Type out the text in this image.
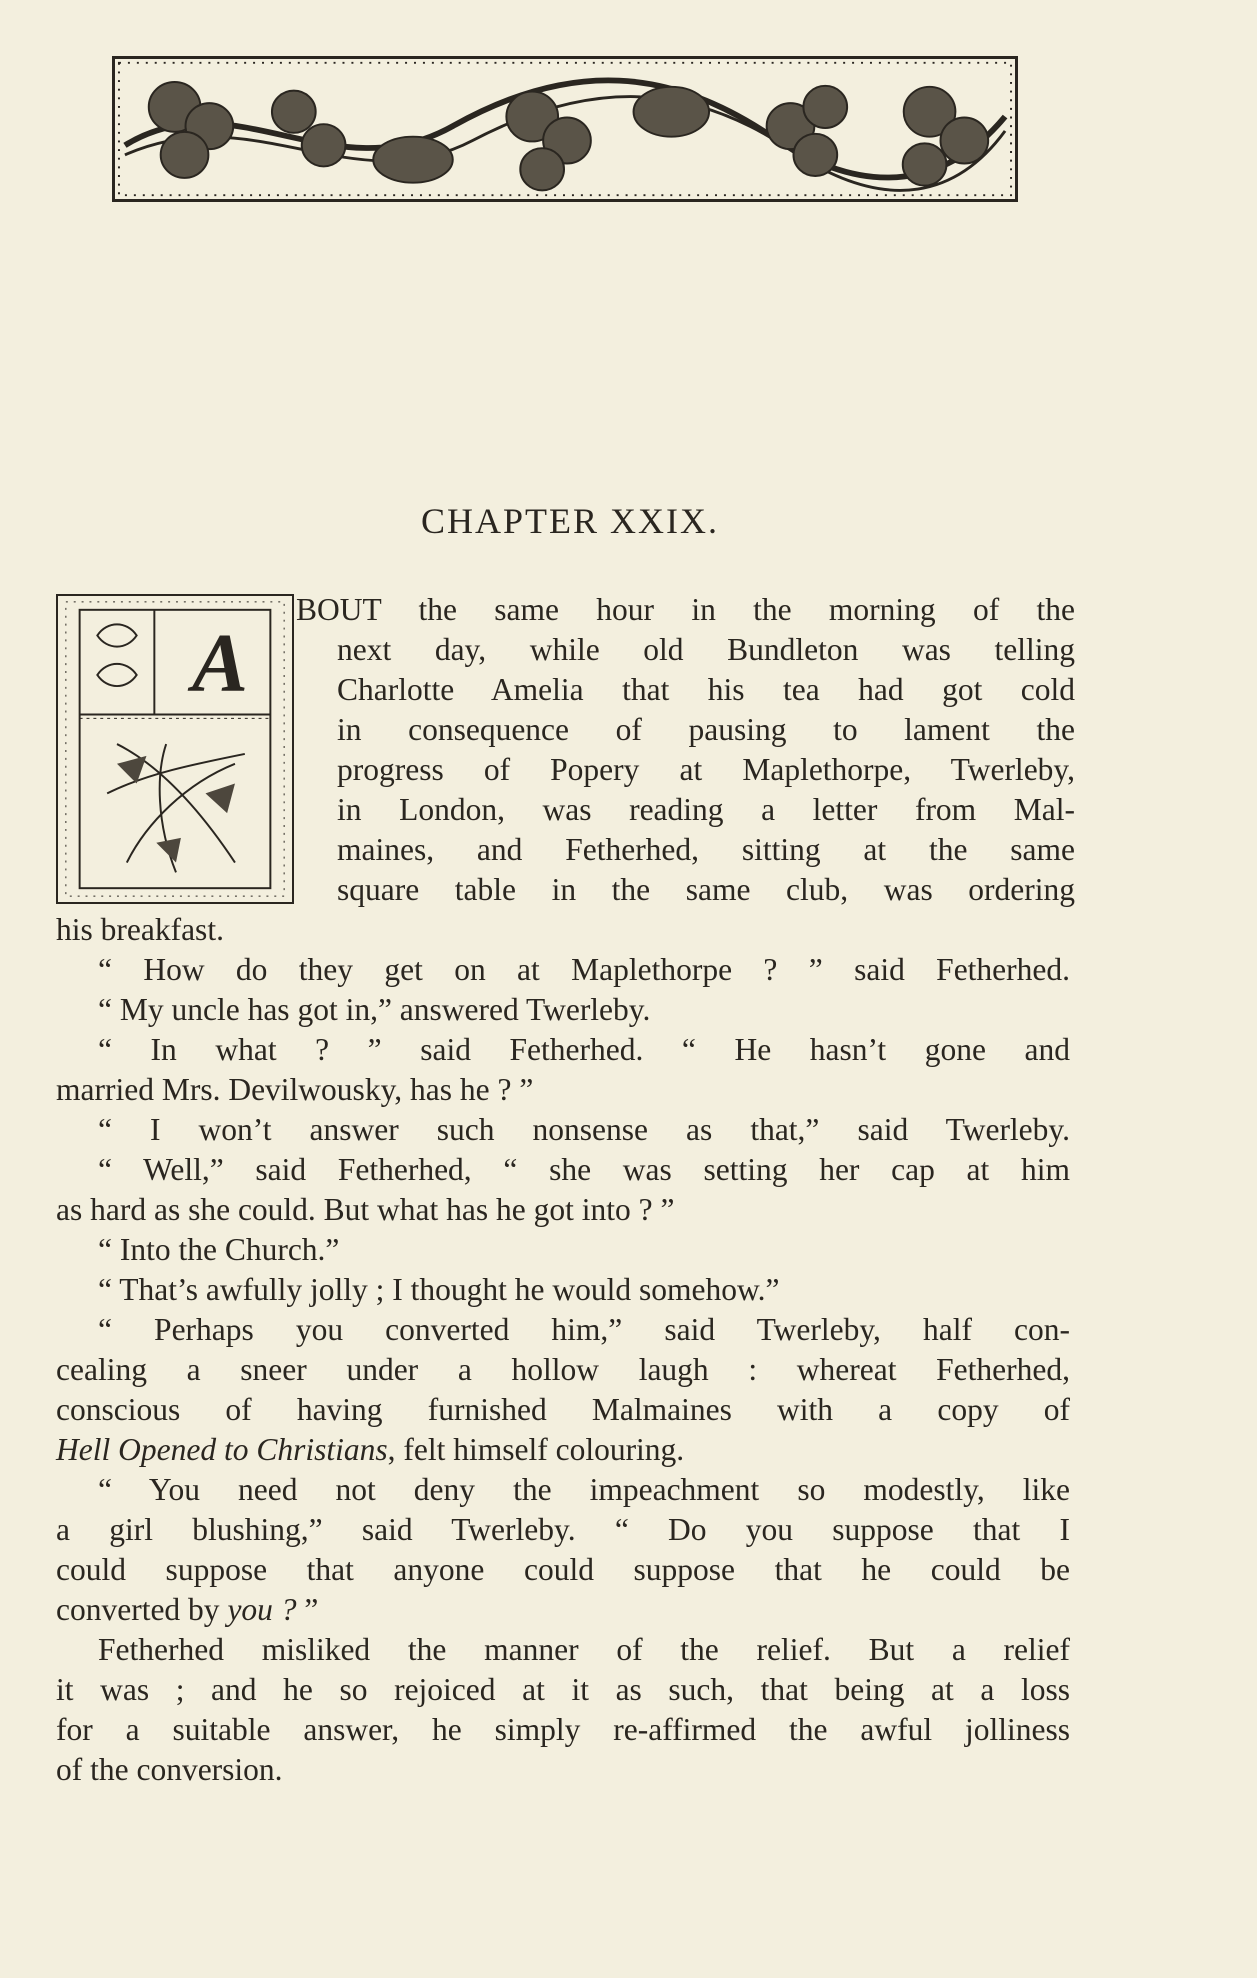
CHAPTER XXIX.
A
BOUT the same hour in the morning of the
next day, while old Bundleton was telling
Charlotte Amelia that his tea had got cold
in consequence of pausing to lament the
progress of Popery at Maplethorpe, Twerleby,
in London, was reading a letter from Mal-
maines, and Fetherhed, sitting at the same
square table in the same club, was ordering
his breakfast.
“ How do they get on at Maplethorpe ? ” said Fetherhed.
“ My uncle has got in,” answered Twerleby.
“ In what ? ” said Fetherhed. “ He hasn’t gone and
married Mrs. Devilwousky, has he ? ”
“ I won’t answer such nonsense as that,” said Twerleby.
“ Well,” said Fetherhed, “ she was setting her cap at him
as hard as she could. But what has he got into ? ”
“ Into the Church.”
“ That’s awfully jolly ; I thought he would somehow.”
“ Perhaps you converted him,” said Twerleby, half con-
cealing a sneer under a hollow laugh : whereat Fetherhed,
conscious of having furnished Malmaines with a copy of
Hell Opened to Christians, felt himself colouring.
“ You need not deny the impeachment so modestly, like
a girl blushing,” said Twerleby. “ Do you suppose that I
could suppose that anyone could suppose that he could be
converted by you ? ”
Fetherhed misliked the manner of the relief. But a relief
it was ; and he so rejoiced at it as such, that being at a loss
for a suitable answer, he simply re-affirmed the awful jolliness
of the conversion.
